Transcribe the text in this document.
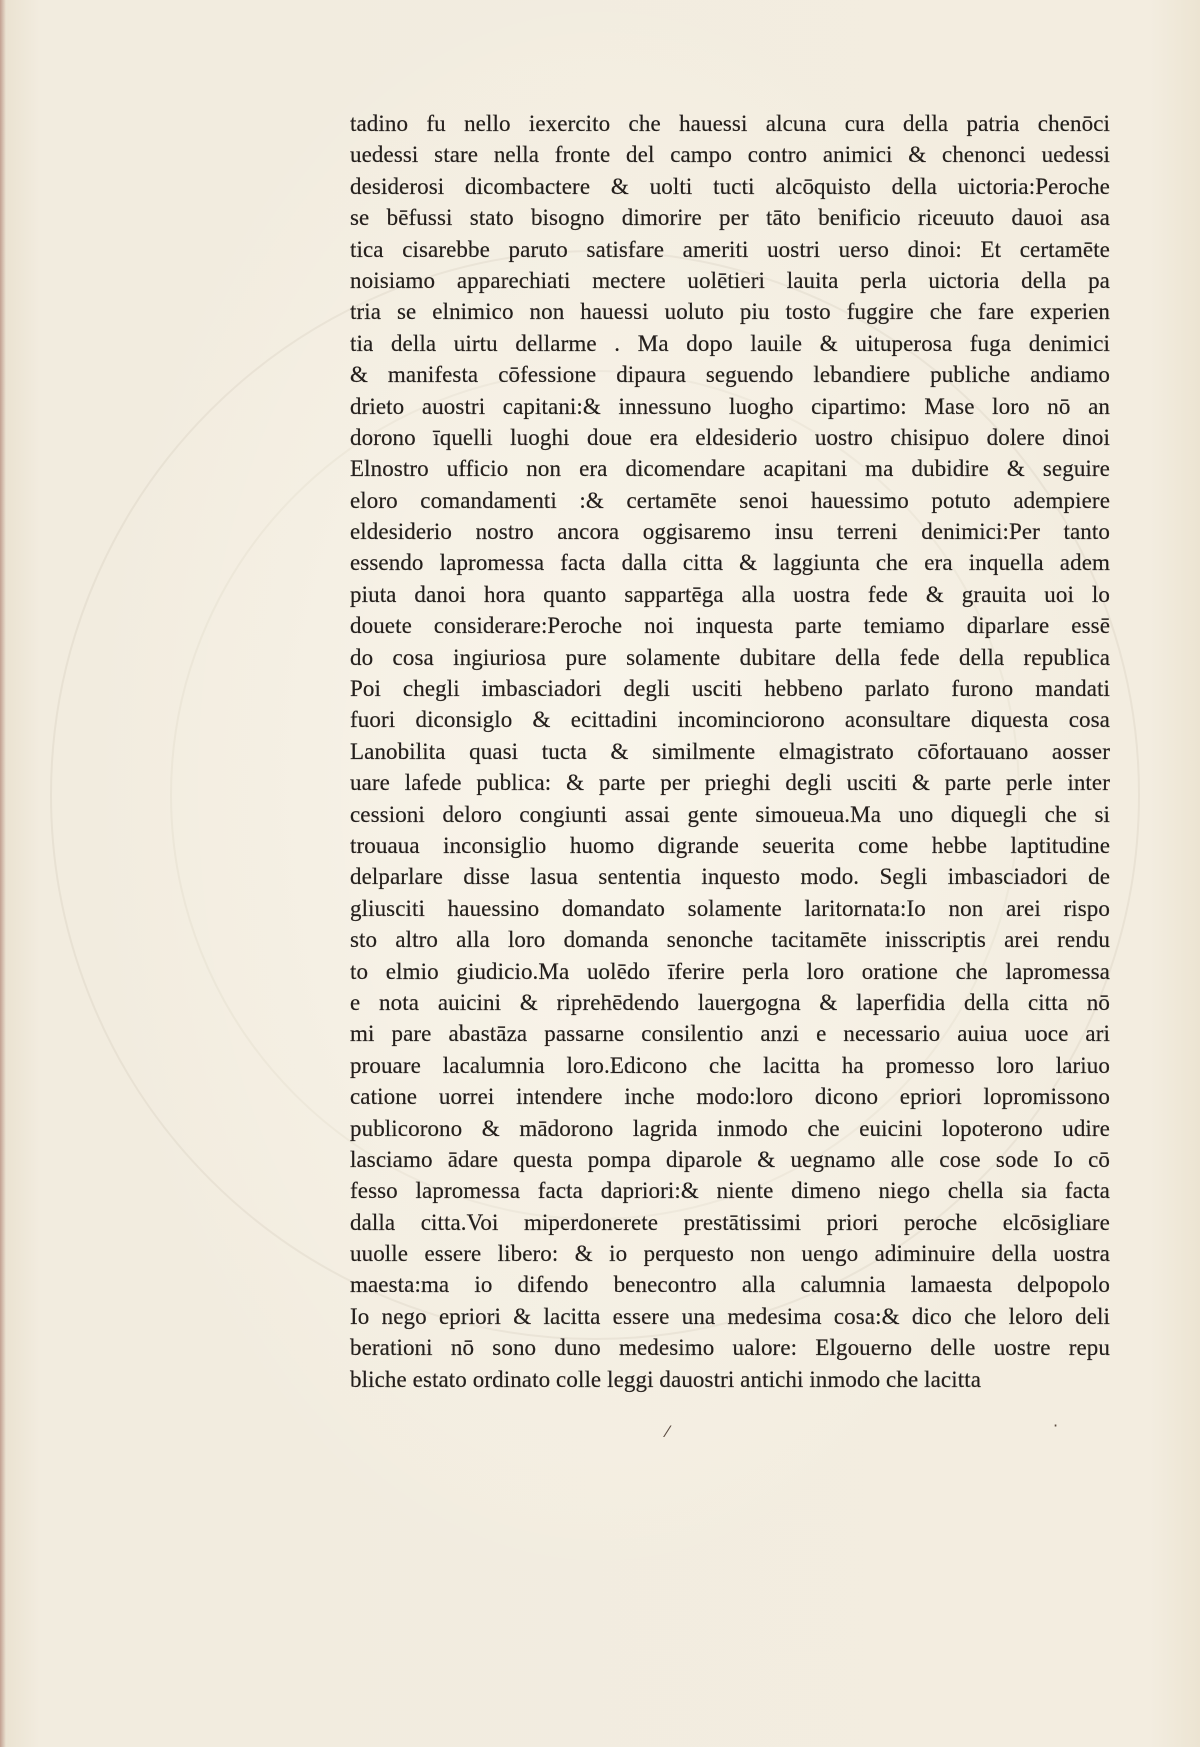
tadino fu nello iexercito che hauessi alcuna cura della patria chenōci
uedessi stare nella fronte del campo contro animici & chenonci uedessi
desiderosi dicombactere & uolti tucti alcōquisto della uictoria:Peroche
se bēfussi stato bisogno dimorire per tāto benificio riceuuto dauoi asa
tica cisarebbe paruto satisfare ameriti uostri uerso dinoi: Et certamēte
noisiamo apparechiati mectere uolētieri lauita perla uictoria della pa
tria se elnimico non hauessi uoluto piu tosto fuggire che fare experien
tia della uirtu dellarme . Ma dopo lauile & uituperosa fuga denimici
& manifesta cōfessione dipaura seguendo lebandiere publiche andiamo
drieto auostri capitani:& innessuno luogho cipartimo: Mase loro nō an
dorono īquelli luoghi doue era eldesiderio uostro chisipuo dolere dinoi
Elnostro ufficio non era dicomendare acapitani ma dubidire & seguire
eloro comandamenti :& certamēte senoi hauessimo potuto adempiere
eldesiderio nostro ancora oggisaremo insu terreni denimici:Per tanto
essendo lapromessa facta dalla citta & laggiunta che era inquella adem
piuta danoi hora quanto sappartēga alla uostra fede & grauita uoi lo
douete considerare:Peroche noi inquesta parte temiamo diparlare essē
do cosa ingiuriosa pure solamente dubitare della fede della republica
Poi chegli imbasciadori degli usciti hebbeno parlato furono mandati
fuori diconsiglo & ecittadini incominciorono aconsultare diquesta cosa
Lanobilita quasi tucta & similmente elmagistrato cōfortauano aosser
uare lafede publica: & parte per prieghi degli usciti & parte perle inter
cessioni deloro congiunti assai gente simoueua.Ma uno diquegli che si
trouaua inconsiglio huomo digrande seuerita come hebbe laptitudine
delparlare disse lasua sententia inquesto modo. Segli imbasciadori de
gliusciti hauessino domandato solamente laritornata:Io non arei rispo
sto altro alla loro domanda senonche tacitamēte inisscriptis arei rendu
to elmio giudicio.Ma uolēdo īferire perla loro oratione che lapromessa
e nota auicini & riprehēdendo lauergogna & laperfidia della citta nō
mi pare abastāza passarne consilentio anzi e necessario auiua uoce ari
prouare lacalumnia loro.Edicono che lacitta ha promesso loro lariuo
catione uorrei intendere inche modo:loro dicono epriori lopromissono
publicorono & mādorono lagrida inmodo che euicini lopoterono udire
lasciamo ādare questa pompa diparole & uegnamo alle cose sode Io cō
fesso lapromessa facta dapriori:& niente dimeno niego chella sia facta
dalla citta.Voi miperdonerete prestātissimi priori peroche elcōsigliare
uuolle essere libero: & io perquesto non uengo adiminuire della uostra
maesta:ma io difendo benecontro alla calumnia lamaesta delpopolo
Io nego epriori & lacitta essere una medesima cosa:& dico che leloro deli
berationi nō sono duno medesimo ualore: Elgouerno delle uostre repu
bliche estato ordinato colle leggi dauostri antichi inmodo che lacitta
⁄	·
